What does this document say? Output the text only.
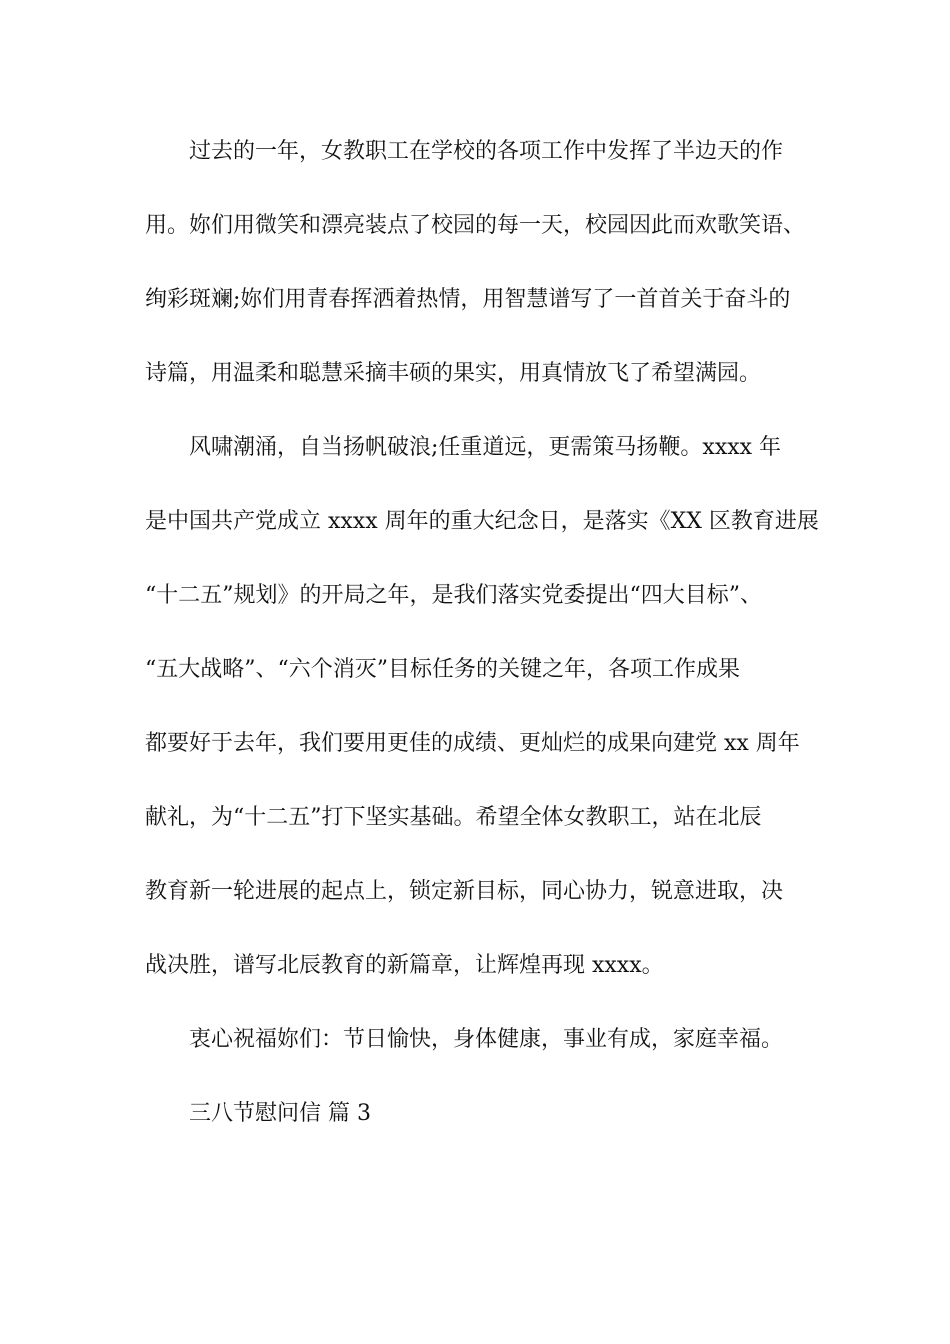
过去的一年，女教职工在学校的各项工作中发挥了半边天的作
用。妳们用微笑和漂亮装点了校园的每一天，校园因此而欢歌笑语、
绚彩斑斓;妳们用青春挥洒着热情，用智慧谱写了一首首关于奋斗的
诗篇，用温柔和聪慧采摘丰硕的果实，用真情放飞了希望满园。
风啸潮涌，自当扬帆破浪;任重道远，更需策马扬鞭。xxxx 年
是中国共产党成立 xxxx 周年的重大纪念日，是落实《XX 区教育进展
“十二五”规划》的开局之年，是我们落实党委提出“四大目标”、
“五大战略”、“六个消灭”目标任务的关键之年，各项工作成果
都要好于去年，我们要用更佳的成绩、更灿烂的成果向建党 xx 周年
献礼，为“十二五”打下坚实基础。希望全体女教职工，站在北辰
教育新一轮进展的起点上，锁定新目标，同心协力，锐意进取，决
战决胜，谱写北辰教育的新篇章，让辉煌再现 xxxx。
衷心祝福妳们：节日愉快，身体健康，事业有成，家庭幸福。
三八节慰问信 篇 3
